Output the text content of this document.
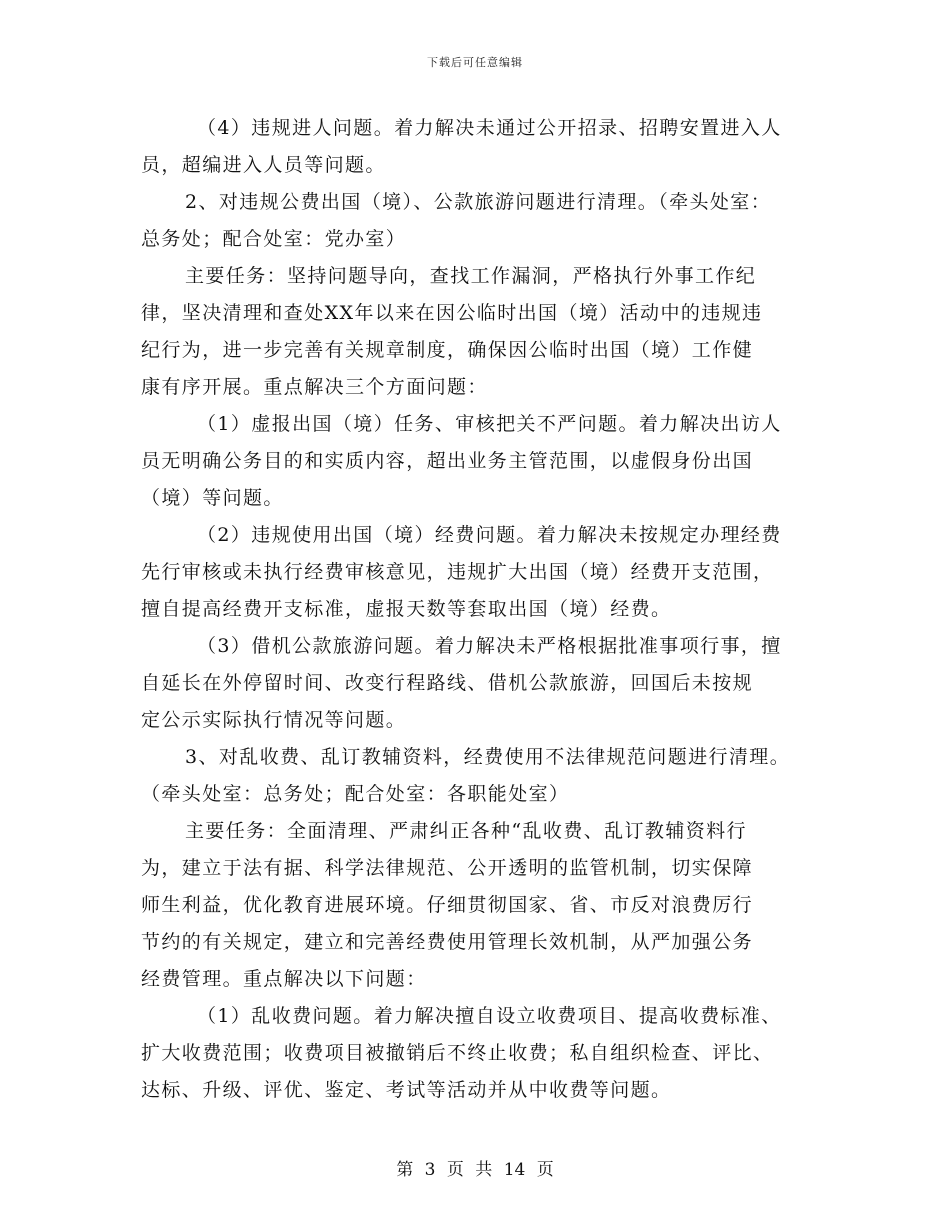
下载后可任意编辑
（4）违规进人问题。着力解决未通过公开招录、招聘安置进入人
员，超编进入人员等问题。
2、对违规公费出国（境）、公款旅游问题进行清理。（牵头处室：
总务处；配合处室：党办室）
主要任务：坚持问题导向，查找工作漏洞，严格执行外事工作纪
律，坚决清理和查处XX年以来在因公临时出国（境）活动中的违规违
纪行为，进一步完善有关规章制度，确保因公临时出国（境）工作健
康有序开展。重点解决三个方面问题：
（1）虚报出国（境）任务、审核把关不严问题。着力解决出访人
员无明确公务目的和实质内容，超出业务主管范围，以虚假身份出国
（境）等问题。
（2）违规使用出国（境）经费问题。着力解决未按规定办理经费
先行审核或未执行经费审核意见，违规扩大出国（境）经费开支范围，
擅自提高经费开支标准，虚报天数等套取出国（境）经费。
（3）借机公款旅游问题。着力解决未严格根据批准事项行事，擅
自延长在外停留时间、改变行程路线、借机公款旅游，回国后未按规
定公示实际执行情况等问题。
3、对乱收费、乱订教辅资料，经费使用不法律规范问题进行清理。
（牵头处室：总务处；配合处室：各职能处室）
主要任务：全面清理、严肃纠正各种“乱收费、乱订教辅资料行
为，建立于法有据、科学法律规范、公开透明的监管机制，切实保障
师生利益，优化教育进展环境。仔细贯彻国家、省、市反对浪费厉行
节约的有关规定，建立和完善经费使用管理长效机制，从严加强公务
经费管理。重点解决以下问题：
（1）乱收费问题。着力解决擅自设立收费项目、提高收费标准、
扩大收费范围；收费项目被撤销后不终止收费；私自组织检查、评比、
达标、升级、评优、鉴定、考试等活动并从中收费等问题。
第 3 页 共 14 页
